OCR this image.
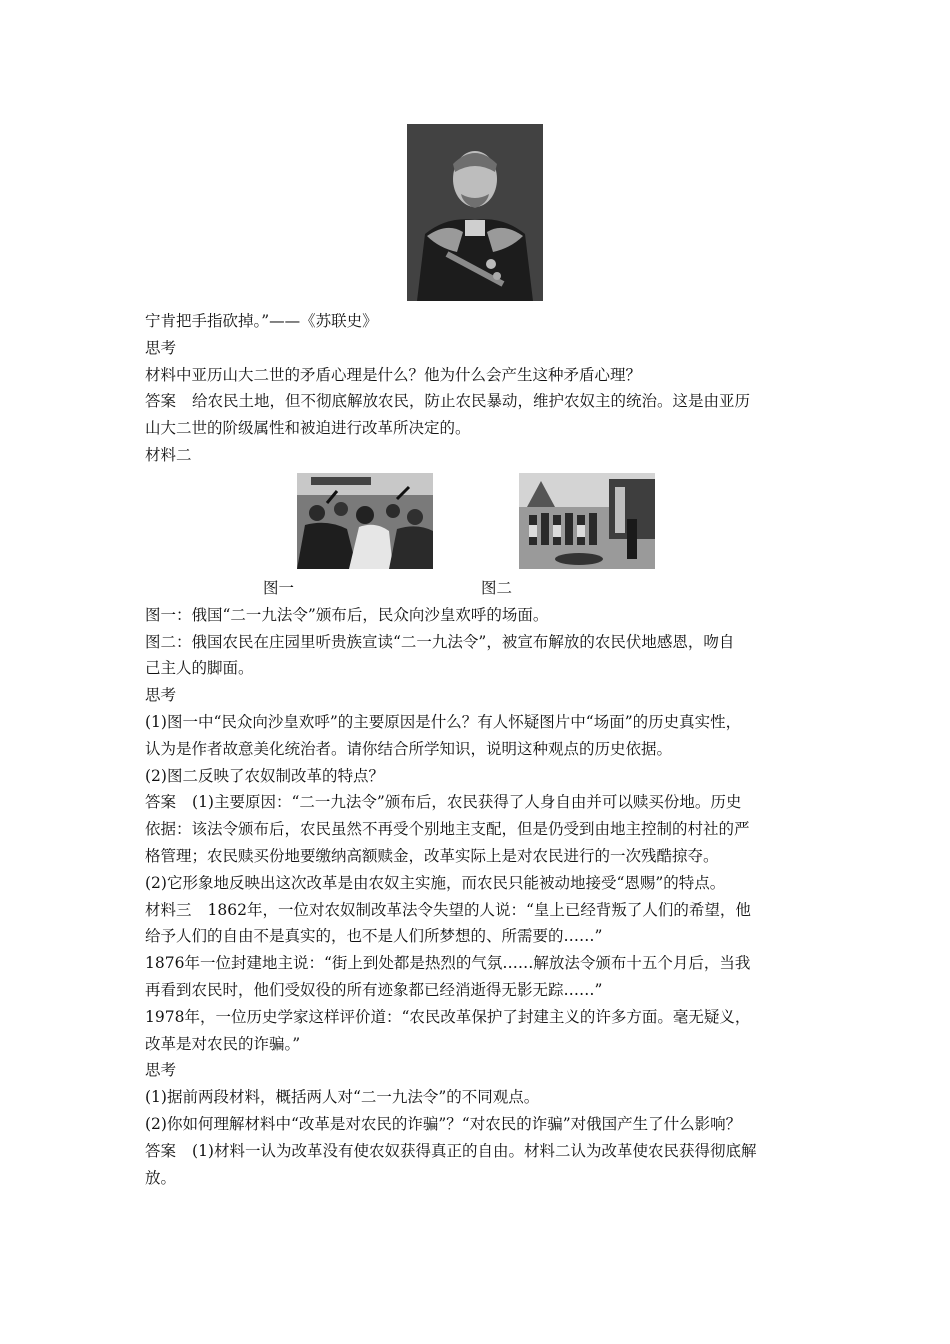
宁肯把手指砍掉。”——《苏联史》

思考

材料中亚历山大二世的矛盾心理是什么？他为什么会产生这种矛盾心理？

答案 给农民土地，但不彻底解放农民，防止农民暴动，维护农奴主的统治。这是由亚历

山大二世的阶级属性和被迫进行改革所决定的。

材料二

图一	图二

图一：俄国“二一九法令”颁布后，民众向沙皇欢呼的场面。

图二：俄国农民在庄园里听贵族宣读“二一九法令”，被宣布解放的农民伏地感恩，吻自

己主人的脚面。

思考

(1)图一中“民众向沙皇欢呼”的主要原因是什么？有人怀疑图片中“场面”的历史真实性，

认为是作者故意美化统治者。请你结合所学知识，说明这种观点的历史依据。

(2)图二反映了农奴制改革的特点？

答案 (1)主要原因：“二一九法令”颁布后，农民获得了人身自由并可以赎买份地。历史

依据：该法令颁布后，农民虽然不再受个别地主支配，但是仍受到由地主控制的村社的严

格管理；农民赎买份地要缴纳高额赎金，改革实际上是对农民进行的一次残酷掠夺。

(2)它形象地反映出这次改革是由农奴主实施，而农民只能被动地接受“恩赐”的特点。

材料三 1862年，一位对农奴制改革法令失望的人说：“皇上已经背叛了人们的希望，他

给予人们的自由不是真实的，也不是人们所梦想的、所需要的……”

1876年一位封建地主说：“街上到处都是热烈的气氛……解放法令颁布十五个月后，当我

再看到农民时，他们受奴役的所有迹象都已经消逝得无影无踪……”

1978年，一位历史学家这样评价道：“农民改革保护了封建主义的许多方面。毫无疑义，

改革是对农民的诈骗。”

思考

(1)据前两段材料，概括两人对“二一九法令”的不同观点。

(2)你如何理解材料中“改革是对农民的诈骗”？“对农民的诈骗”对俄国产生了什么影响？

答案 (1)材料一认为改革没有使农奴获得真正的自由。材料二认为改革使农民获得彻底解

放。
